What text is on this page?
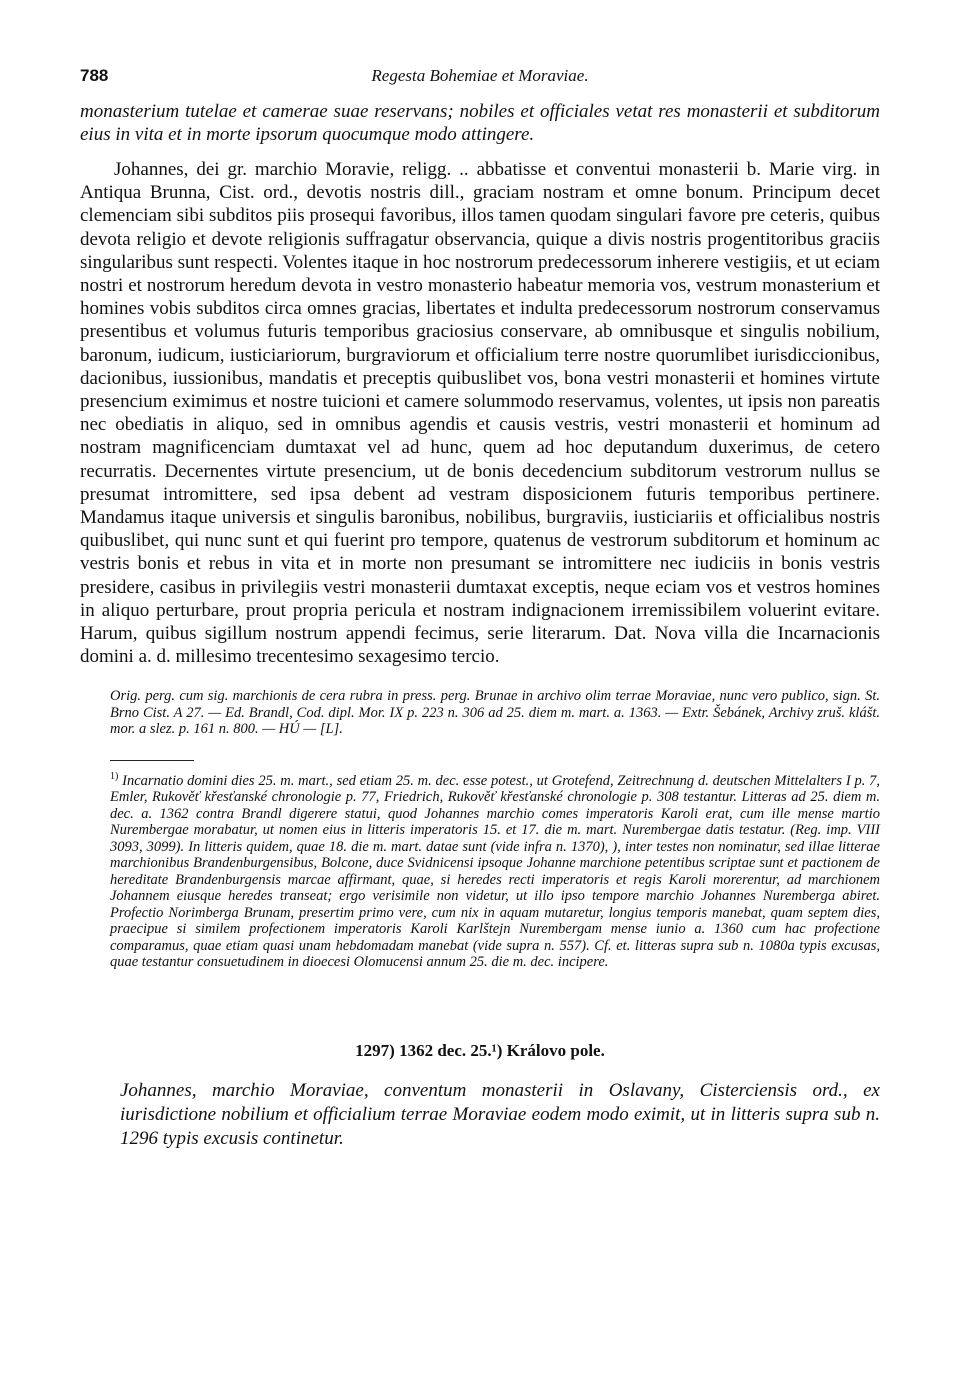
788	Regesta Bohemiae et Moraviae.

monasterium tutelae et camerae suae reservans; nobiles et officiales vetat res monasterii et subditorum eius in vita et in morte ipsorum quocumque modo attingere.

Johannes, dei gr. marchio Moravie, religg. .. abbatisse et conventui monasterii b. Marie virg. in Antiqua Brunna, Cist. ord., devotis nostris dill., graciam nostram et omne bonum. Principum decet clemenciam sibi subditos piis prosequi favoribus, illos tamen quodam singulari favore pre ceteris, quibus devota religio et devote religionis suffragatur observancia, quique a divis nostris progentitoribus graciis singularibus sunt respecti. Volentes itaque in hoc nostrorum predecessorum inherere vestigiis, et ut eciam nostri et nostrorum heredum devota in vestro monasterio habeatur memoria vos, vestrum monasterium et homines vobis subditos circa omnes gracias, libertates et indulta predecessorum nostrorum conservamus presentibus et volumus futuris temporibus graciosius conservare, ab omnibusque et singulis nobilium, baronum, iudicum, iusticiariorum, burgraviorum et officialium terre nostre quorumlibet iurisdiccionibus, dacionibus, iussionibus, mandatis et preceptis quibuslibet vos, bona vestri monasterii et homines virtute presencium eximimus et nostre tuicioni et camere solummodo reservamus, volentes, ut ipsis non pareatis nec obediatis in aliquo, sed in omnibus agendis et causis vestris, vestri monasterii et hominum ad nostram magnificenciam dumtaxat vel ad hunc, quem ad hoc deputandum duxerimus, de cetero recurratis. Decernentes virtute presencium, ut de bonis decedencium subditorum vestrorum nullus se presumat intromittere, sed ipsa debent ad vestram disposicionem futuris temporibus pertinere. Mandamus itaque universis et singulis baronibus, nobilibus, burgraviis, iusticiariis et officialibus nostris quibuslibet, qui nunc sunt et qui fuerint pro tempore, quatenus de vestrorum subditorum et hominum ac vestris bonis et rebus in vita et in morte non presumant se intromittere nec iudiciis in bonis vestris presidere, casibus in privilegiis vestri monasterii dumtaxat exceptis, neque eciam vos et vestros homines in aliquo perturbare, prout propria pericula et nostram indignacionem irremissibilem voluerint evitare. Harum, quibus sigillum nostrum appendi fecimus, serie literarum. Dat. Nova villa die Incarnacionis domini a. d. millesimo trecentesimo sexagesimo tercio.

Orig. perg. cum sig. marchionis de cera rubra in press. perg. Brunae in archivo olim terrae Moraviae, nunc vero publico, sign. St. Brno Cist. A 27. — Ed. Brandl, Cod. dipl. Mor. IX p. 223 n. 306 ad 25. diem m. mart. a. 1363. — Extr. Šebánek, Archivy zruš. klášt. mor. a slez. p. 161 n. 800. — HÚ — [L].

$^{1)}$ Incarnatio domini dies 25. m. mart., sed etiam 25. m. dec. esse potest., ut Grotefend, Zeitrechnung d. deutschen Mittelalters I p. 7, Emler, Rukověť křesťanské chronologie p. 77, Friedrich, Rukověť křesťanské chronologie p. 308 testantur. Litteras ad 25. diem m. dec. a. 1362 contra Brandl digerere statui, quod Johannes marchio comes imperatoris Karoli erat, cum ille mense martio Nurembergae morabatur, ut nomen eius in litteris imperatoris 15. et 17. die m. mart. Nurembergae datis testatur. (Reg. imp. VIII 3093, 3099). In litteris quidem, quae 18. die m. mart. datae sunt (vide infra n. 1370), ), inter testes non nominatur, sed illae litterae marchionibus Brandenburgensibus, Bolcone, duce Svidnicensi ipsoque Johanne marchione petentibus scriptae sunt et pactionem de hereditate Brandenburgensis marcae affirmant, quae, si heredes recti imperatoris et regis Karoli morerentur, ad marchionem Johannem eiusque heredes transeat; ergo verisimile non videtur, ut illo ipso tempore marchio Johannes Nuremberga abiret. Profectio Norimberga Brunam, presertim primo vere, cum nix in aquam mutaretur, longius temporis manebat, quam septem dies, praecipue si similem profectionem imperatoris Karoli Karlštejn Nurembergam mense iunio a. 1360 cum hac profectione comparamus, quae etiam quasi unam hebdomadam manebat (vide supra n. 557). Cf. et. litteras supra sub n. 1080a typis excusas, quae testantur consuetudinem in dioecesi Olomucensi annum 25. die m. dec. incipere.

1297) 1362 dec. 25.¹) Královo pole.

Johannes, marchio Moraviae, conventum monasterii in Oslavany, Cisterciensis ord., ex iurisdictione nobilium et officialium terrae Moraviae eodem modo eximit, ut in litteris supra sub n. 1296 typis excusis continetur.
